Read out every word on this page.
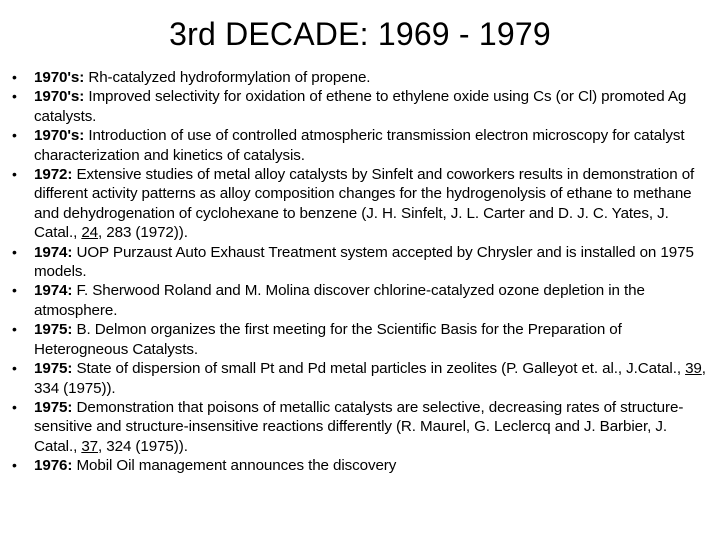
3rd DECADE: 1969 - 1979
•	1970's: Rh-catalyzed hydroformylation of propene.
•	1970's: Improved selectivity for oxidation of ethene to ethylene oxide using Cs (or Cl) promoted Ag catalysts.
•	1970's: Introduction of use of controlled atmospheric transmission electron microscopy for catalyst characterization and kinetics of catalysis.
•	1972: Extensive studies of metal alloy catalysts by Sinfelt and coworkers results in demonstration of different activity patterns as alloy composition changes for the hydrogenolysis of ethane to methane and dehydrogenation of cyclohexane to benzene (J. H. Sinfelt, J. L. Carter and D. J. C. Yates, J. Catal., 24, 283 (1972)).
•	1974: UOP Purzaust Auto Exhaust Treatment system accepted by Chrysler and is installed on 1975 models.
•	1974: F. Sherwood Roland and M. Molina discover chlorine-catalyzed ozone depletion in the atmosphere.
•	1975: B. Delmon organizes the first meeting for the Scientific Basis for the Preparation of Heterogneous Catalysts.
•	1975: State of dispersion of small Pt and Pd metal particles in zeolites (P. Galleyot et. al., J.Catal., 39, 334 (1975)).
•	1975: Demonstration that poisons of metallic catalysts are selective, decreasing rates of structure-sensitive and structure-insensitive reactions differently (R. Maurel, G. Leclercq and J. Barbier, J. Catal., 37, 324 (1975)).
•	1976: Mobil Oil management announces the discovery
